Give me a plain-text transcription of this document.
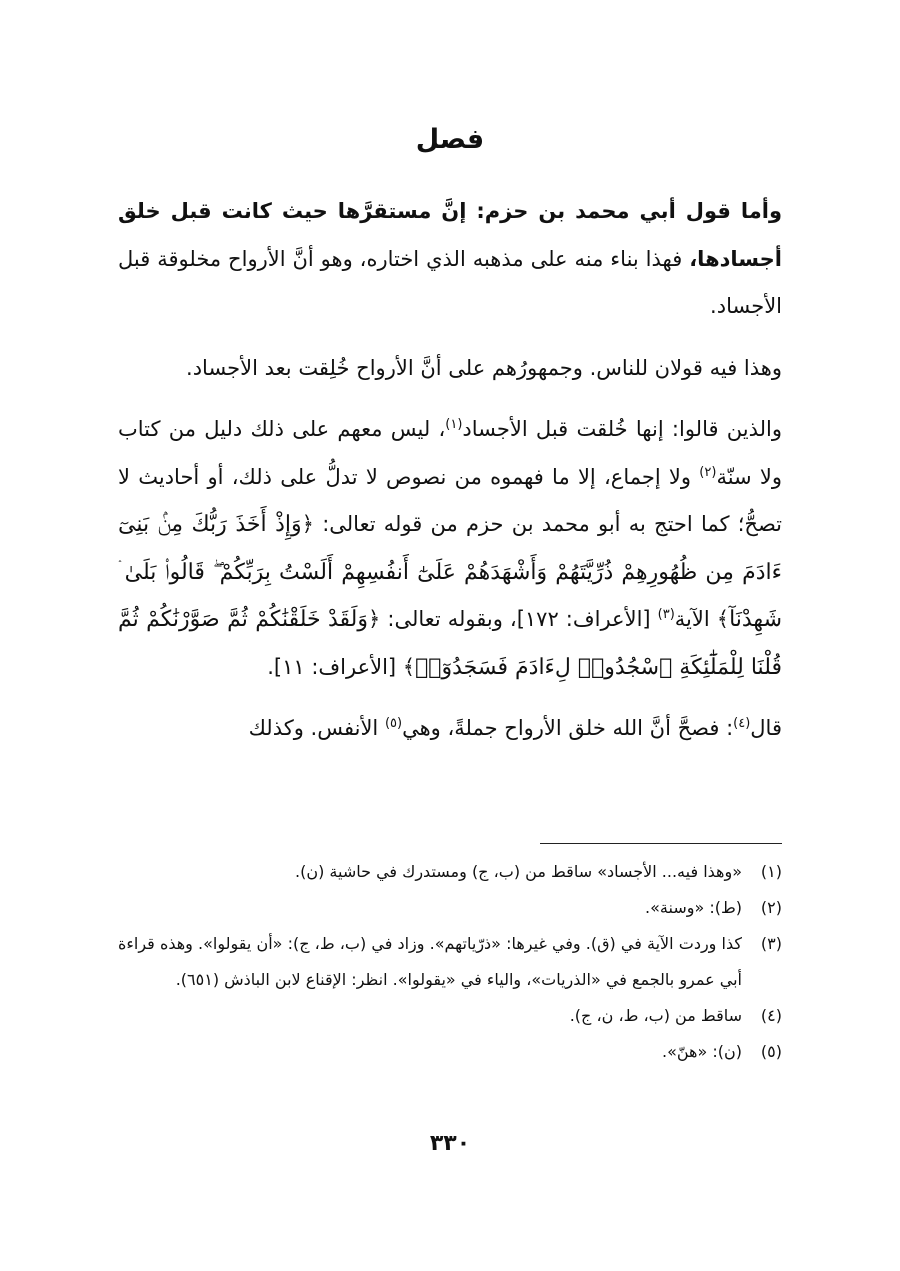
فصل

وأما قول أبي محمد بن حزم: إنَّ مستقرَّها حيث كانت قبل خلق أجسادها، فهذا بناء منه على مذهبه الذي اختاره، وهو أنَّ الأرواح مخلوقة قبل الأجساد.

وهذا فيه قولان للناس. وجمهورُهم على أنَّ الأرواح خُلِقت بعد الأجساد.

والذين قالوا: إنها خُلقت قبل الأجساد$^{(١)}$، ليس معهم على ذلك دليل من كتاب ولا سنّة$^{(٢)}$ ولا إجماع، إلا ما فهموه من نصوص لا تدلُّ على ذلك، أو أحاديث لا تصحُّ؛ كما احتج به أبو محمد بن حزم من قوله تعالى: ﴿وَإِذْ أَخَذَ رَبُّكَ مِنۢ بَنِىٓ ءَادَمَ مِن ظُهُورِهِمْ ذُرِّيَّتَهُمْ وَأَشْهَدَهُمْ عَلَىٰٓ أَنفُسِهِمْ أَلَسْتُ بِرَبِّكُمْ ۖ قَالُوا۟ بَلَىٰ ۛ شَهِدْنَآ﴾ الآية$^{(٣)}$ [الأعراف: ١٧٢]، وبقوله تعالى: ﴿وَلَقَدْ خَلَقْنَٰكُمْ ثُمَّ صَوَّرْنَٰكُمْ ثُمَّ قُلْنَا لِلْمَلَٰٓئِكَةِ ٱسْجُدُوا۟ لِءَادَمَ فَسَجَدُوٓا۟﴾ [الأعراف: ١١].

قال$^{(٤)}$: فصحَّ أنَّ الله خلق الأرواح جملةً، وهي$^{(٥)}$ الأنفس. وكذلك

(١)
«وهذا فيه... الأجساد» ساقط من (ب، ج) ومستدرك في حاشية (ن).
(٢)
(ط): «وسنة».
(٣)
كذا وردت الآية في (ق). وفي غيرها: «ذرّياتهم». وزاد في (ب، ط، ج): «أن يقولوا». وهذه قراءة أبي عمرو بالجمع في «الذريات»، والياء في «يقولوا». انظر: الإقناع لابن الباذش (٦٥١).
(٤)
ساقط من (ب، ط، ن، ج).
(٥)
(ن): «هنّ».
٣٣٠
